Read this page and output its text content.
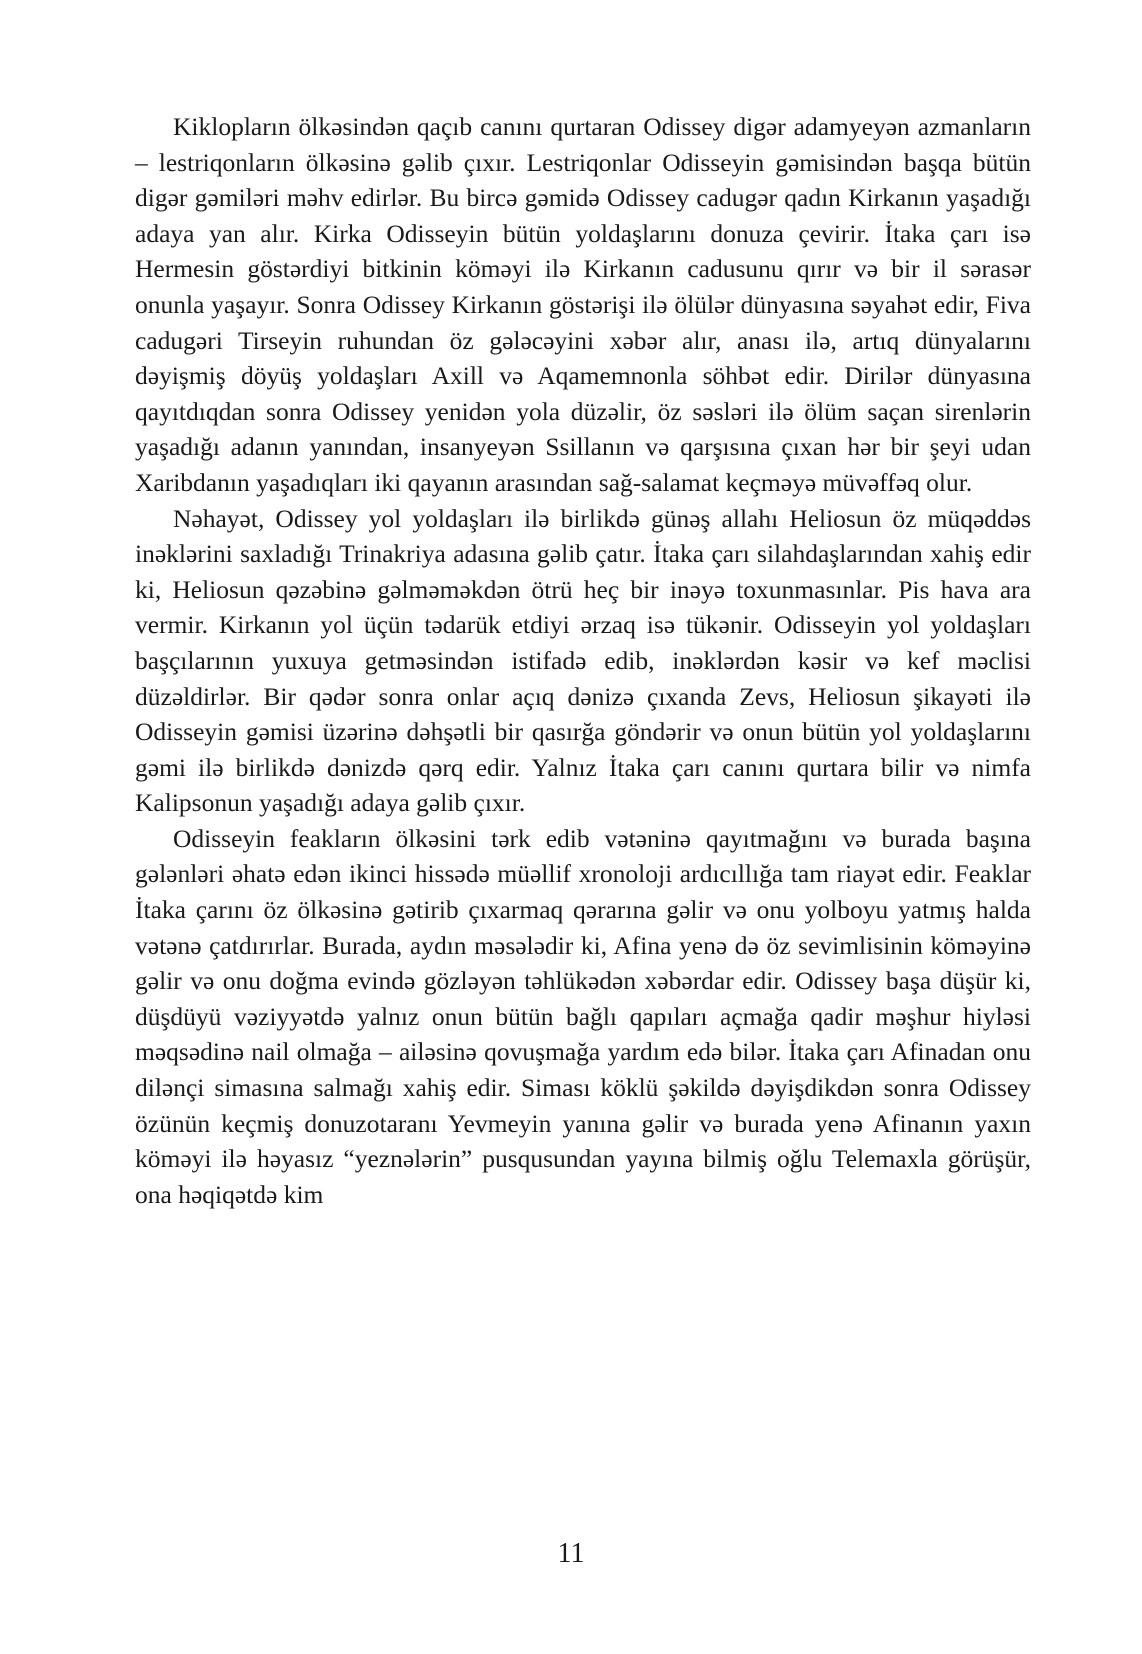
Kiklopların ölkəsindən qaçıb canını qurtaran Odissey digər adamyeyən azmanların – lestriqonların ölkəsinə gəlib çıxır. Lestriqonlar Odisseyin gəmisindən başqa bütün digər gəmiləri məhv edirlər. Bu bircə gəmidə Odissey cadugər qadın Kirkanın yaşadığı adaya yan alır. Kirka Odisseyin bütün yoldaşlarını donuza çevirir. İtaka çarı isə Hermesin göstərdiyi bitkinin köməyi ilə Kirkanın cadusunu qırır və bir il sərasər onunla yaşayır. Sonra Odissey Kirkanın göstərişi ilə ölülər dünyasına səyahət edir, Fiva cadugəri Tirseyin ruhundan öz gələcəyini xəbər alır, anası ilə, artıq dünyalarını dəyişmiş döyüş yoldaşları Axill və Aqamemnonla söhbət edir. Dirilər dünyasına qayıtdıqdan sonra Odissey yenidən yola düzəlir, öz səsləri ilə ölüm saçan sirenlərin yaşadığı adanın yanından, insanyeyən Ssillanın və qarşısına çıxan hər bir şeyi udan Xaribdanın yaşadıqları iki qayanın arasından sağ-salamat keçməyə müvəffəq olur.

Nəhayət, Odissey yol yoldaşları ilə birlikdə günəş allahı Heliosun öz müqəddəs inəklərini saxladığı Trinakriya adasına gəlib çatır. İtaka çarı silahdaşlarından xahiş edir ki, Heliosun qəzəbinə gəlməməkdən ötrü heç bir inəyə toxunmasınlar. Pis hava ara vermir. Kirkanın yol üçün tədarük etdiyi ərzaq isə tükənir. Odisseyin yol yoldaşları başçılarının yuxuya getməsindən istifadə edib, inəklərdən kəsir və kef məclisi düzəldirlər. Bir qədər sonra onlar açıq dənizə çıxanda Zevs, Heliosun şikayəti ilə Odisseyin gəmisi üzərinə dəhşətli bir qasırğa göndərir və onun bütün yol yoldaşlarını gəmi ilə birlikdə dənizdə qərq edir. Yalnız İtaka çarı canını qurtara bilir və nimfa Kalipsonun yaşadığı adaya gəlib çıxır.

Odisseyin feakların ölkəsini tərk edib vətəninə qayıtmağını və burada başına gələnləri əhatə edən ikinci hissədə müəllif xronoloji ardıcıllığa tam riayət edir. Feaklar İtaka çarını öz ölkəsinə gətirib çıxarmaq qərarına gəlir və onu yolboyu yatmış halda vətənə çatdırırlar. Burada, aydın məsələdir ki, Afina yenə də öz sevimlisinin köməyinə gəlir və onu doğma evində gözləyən təhlükədən xəbərdar edir. Odissey başa düşür ki, düşdüyü vəziyyətdə yalnız onun bütün bağlı qapıları açmağa qadir məşhur hiyləsi məqsədinə nail olmağa – ailəsinə qovuşmağa yardım edə bilər. İtaka çarı Afinadan onu dilənçi simasına salmağı xahiş edir. Siması köklü şəkildə dəyişdikdən sonra Odissey özünün keçmiş donuzotaranı Yevmeyin yanına gəlir və burada yenə Afinanın yaxın köməyi ilə həyasız “yeznələrin” pusqusundan yayına bilmiş oğlu Telemaxla görüşür, ona həqiqətdə kim

11
